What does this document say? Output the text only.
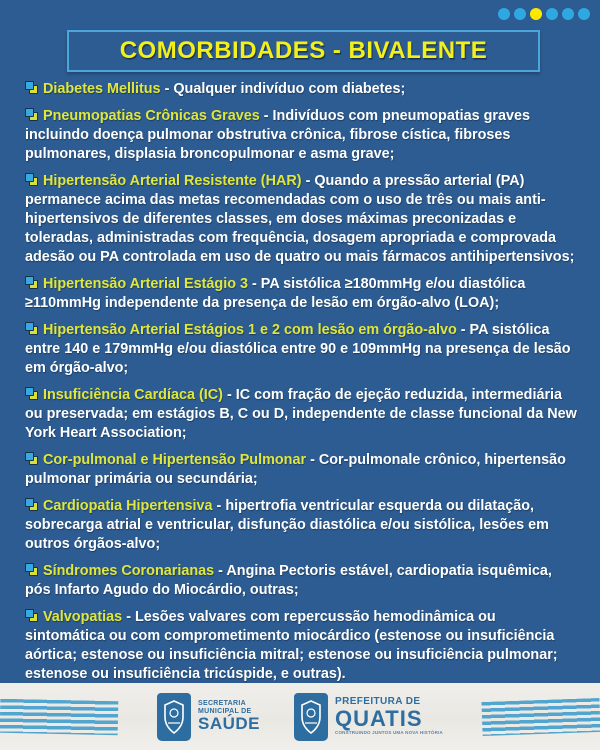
COMORBIDADES - BIVALENTE

Diabetes Mellitus - Qualquer indivíduo com diabetes;

Pneumopatias Crônicas Graves - Indivíduos com pneumopatias graves incluindo doença pulmonar obstrutiva crônica, fibrose cística, fibroses pulmonares, displasia broncopulmonar e asma grave;

Hipertensão Arterial Resistente (HAR) - Quando a pressão arterial (PA) permanece acima das metas recomendadas com o uso de três ou mais anti-hipertensivos de diferentes classes, em doses máximas preconizadas e toleradas, administradas com frequência, dosagem apropriada e comprovada adesão ou PA controlada em uso de quatro ou mais fármacos antihipertensivos;

Hipertensão Arterial Estágio 3 - PA sistólica ≥180mmHg e/ou diastólica ≥110mmHg independente da presença de lesão em órgão-alvo (LOA);

Hipertensão Arterial Estágios 1 e 2 com lesão em órgão-alvo - PA sistólica entre 140 e 179mmHg e/ou diastólica entre 90 e 109mmHg na presença de lesão em órgão-alvo;

Insuficiência Cardíaca (IC) - IC com fração de ejeção reduzida, intermediária ou preservada; em estágios B, C ou D, independente de classe funcional da New York Heart Association;

Cor-pulmonal e Hipertensão Pulmonar - Cor-pulmonale crônico, hipertensão pulmonar primária ou secundária;

Cardiopatia Hipertensiva - hipertrofia ventricular esquerda ou dilatação, sobrecarga atrial e ventricular, disfunção diastólica e/ou sistólica, lesões em outros órgãos-alvo;

Síndromes Coronarianas - Angina Pectoris estável, cardiopatia isquêmica, pós Infarto Agudo do Miocárdio, outras;

Valvopatias - Lesões valvares com repercussão hemodinâmica ou sintomática ou com comprometimento miocárdico (estenose ou insuficiência aórtica; estenose ou insuficiência mitral; estenose ou insuficiência pulmonar; estenose ou insuficiência tricúspide, e outras).

SECRETARIA
MUNICIPAL DE
SAÚDE
PREFEITURA DE
QUATIS
CONSTRUINDO JUNTOS UMA NOVA HISTÓRIA
